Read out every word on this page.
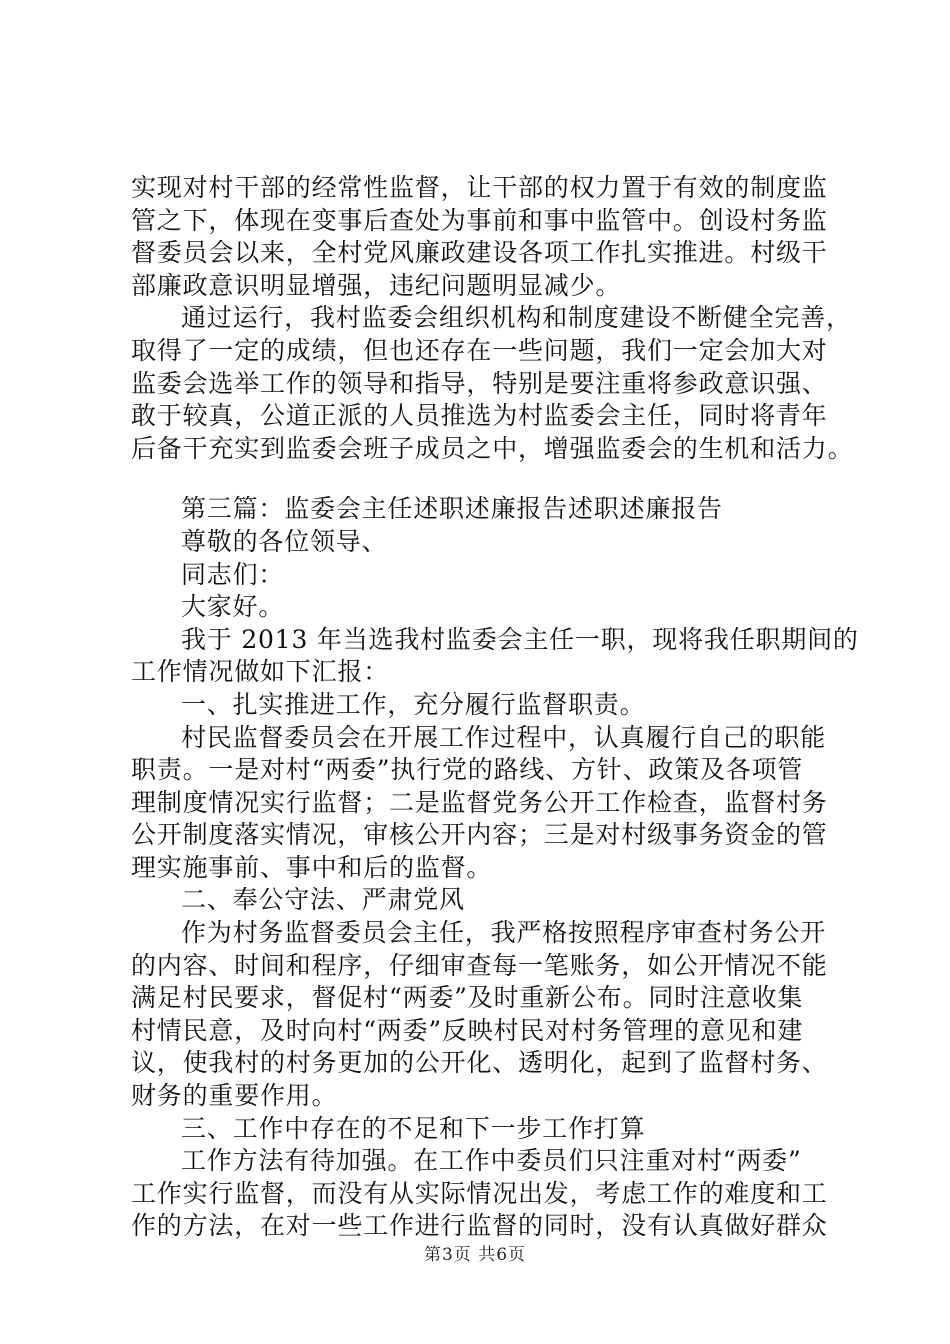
实现对村干部的经常性监督，让干部的权力置于有效的制度监
管之下，体现在变事后查处为事前和事中监管中。创设村务监
督委员会以来，全村党风廉政建设各项工作扎实推进。村级干
部廉政意识明显增强，违纪问题明显减少。
通过运行，我村监委会组织机构和制度建设不断健全完善，
取得了一定的成绩，但也还存在一些问题，我们一定会加大对
监委会选举工作的领导和指导，特别是要注重将参政意识强、
敢于较真，公道正派的人员推选为村监委会主任，同时将青年
后备干充实到监委会班子成员之中，增强监委会的生机和活力。
第三篇：监委会主任述职述廉报告述职述廉报告
尊敬的各位领导、
同志们：
大家好。
我于 2013 年当选我村监委会主任一职，现将我任职期间的
工作情况做如下汇报：
一、扎实推进工作，充分履行监督职责。
村民监督委员会在开展工作过程中，认真履行自己的职能
职责。一是对村“两委”执行党的路线、方针、政策及各项管
理制度情况实行监督；二是监督党务公开工作检查，监督村务
公开制度落实情况，审核公开内容；三是对村级事务资金的管
理实施事前、事中和后的监督。
二、奉公守法、严肃党风
作为村务监督委员会主任，我严格按照程序审查村务公开
的内容、时间和程序，仔细审查每一笔账务，如公开情况不能
满足村民要求，督促村“两委”及时重新公布。同时注意收集
村情民意，及时向村“两委”反映村民对村务管理的意见和建
议，使我村的村务更加的公开化、透明化，起到了监督村务、
财务的重要作用。
三、工作中存在的不足和下一步工作打算
工作方法有待加强。在工作中委员们只注重对村“两委”
工作实行监督，而没有从实际情况出发，考虑工作的难度和工
作的方法，在对一些工作进行监督的同时，没有认真做好群众
第3页 共6页
